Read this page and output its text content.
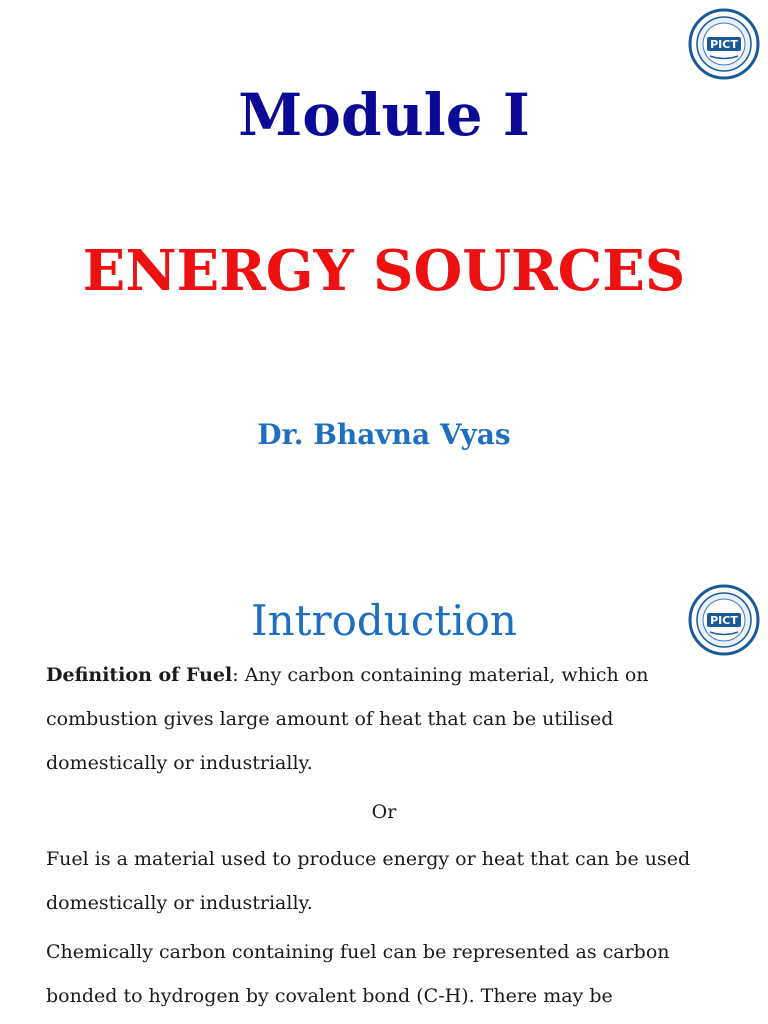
PICT
Module I
ENERGY SOURCES
Dr. Bhavna Vyas
PICT
Introduction
Definition of Fuel: Any carbon containing material, which on combustion gives large amount of heat that can be utilised domestically or industrially.
Or
Fuel is a material used to produce energy or heat that can be used domestically or industrially.
Chemically carbon containing fuel can be represented as carbon bonded to hydrogen by covalent bond (C-H). There may be
